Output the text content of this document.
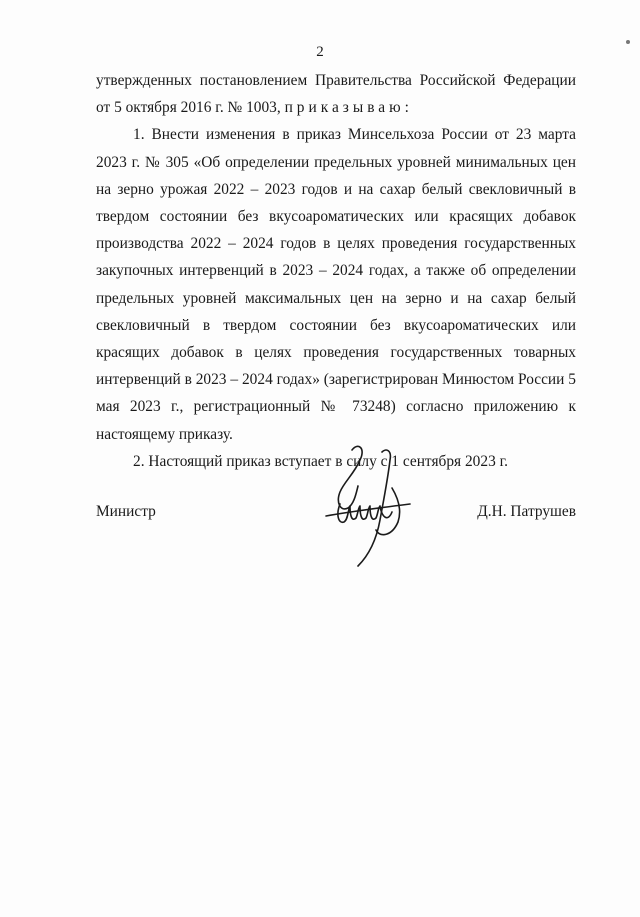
2

утвержденных постановлением Правительства Российской Федерации от 5 октября 2016 г. № 1003, приказываю:

1. Внести изменения в приказ Минсельхоза России от 23 марта 2023 г. № 305 «Об определении предельных уровней минимальных цен на зерно урожая 2022 – 2023 годов и на сахар белый свекловичный в твердом состоянии без вкусоароматических или красящих добавок производства 2022 – 2024 годов в целях проведения государственных закупочных интервенций в 2023 – 2024 годах, а также об определении предельных уровней максимальных цен на зерно и на сахар белый свекловичный в твердом состоянии без вкусоароматических или красящих добавок в целях проведения государственных товарных интервенций в 2023 – 2024 годах» (зарегистрирован Минюстом России 5 мая 2023 г., регистрационный № 73248) согласно приложению к настоящему приказу.

2. Настоящий приказ вступает в силу с 1 сентября 2023 г.

Министр	Д.Н. Патрушев
